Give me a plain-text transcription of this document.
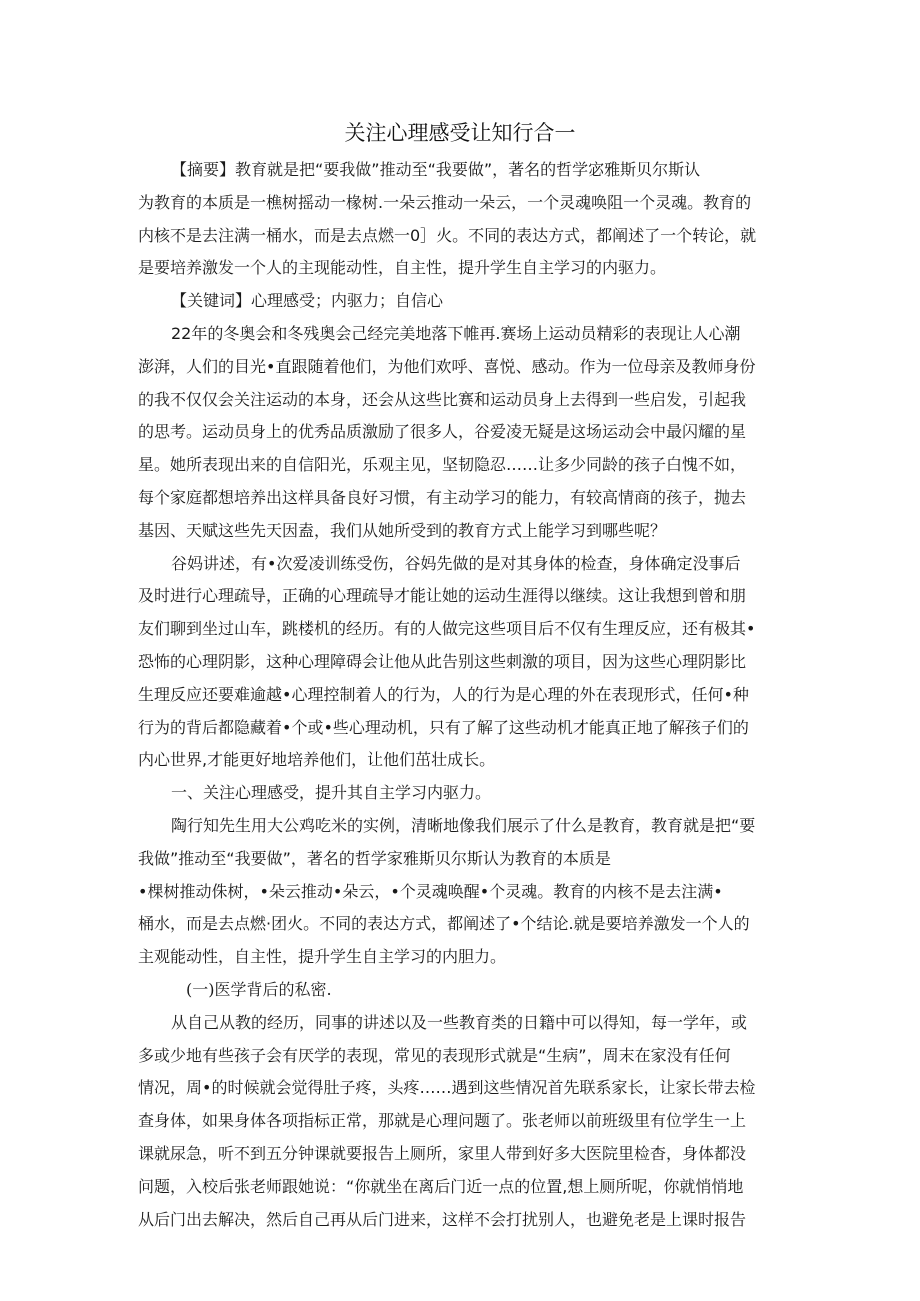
关注心理感受让知行合一

【摘要】教育就是把“要我做”推动至“我要做”，著名的哲学宓雅斯贝尔斯认

为教育的本质是一樵树摇动一椽树.一朵云推动一朵云，一个灵魂唤阻一个灵魂。教育的

内核不是去注满一桶水，而是去点燃一0］火。不同的表达方式，都阐述了一个转论，就

是要培养激发一个人的主现能动性，自主性，提升学生自主学习的内驱力。

【关键词】心理感受；内驱力；自信心

22年的冬奥会和冬残奥会己经完美地落下帷再.赛场上运动员精彩的表现让人心潮

澎湃，人们的目光•直跟随着他们，为他们欢呼、喜悦、感动。作为一位母亲及教师身份

的我不仅仅会关注运动的本身，还会从这些比赛和运动员身上去得到一些启发，引起我

的思考。运动员身上的优秀品质激励了很多人，谷爱凌无疑是这场运动会中最闪耀的星

星。她所表现出来的自信阳光，乐观主见，坚韧隐忍……让多少同龄的孩子白愧不如，

每个家庭都想培养出这样具备良好习惯，有主动学习的能力，有较高情商的孩子，抛去

基因、天赋这些先天因盍，我们从她所受到的教育方式上能学习到哪些呢？

谷妈讲述，有•次爱凌训练受伤，谷妈先做的是对其身体的检查，身体确定没事后

及时进行心理疏导，正确的心理疏导才能让她的运动生涯得以继续。这让我想到曾和朋

友们聊到坐过山车，跳楼机的经历。有的人做完这些项目后不仅有生理反应，还有极其•

恐怖的心理阴影，这种心理障碍会让他从此告别这些刺激的项目，因为这些心理阴影比

生理反应还要难逾越•心理控制着人的行为，人的行为是心理的外在表现形式，任何•种

行为的背后都隐藏着•个或•些心理动机，只有了解了这些动机才能真正地了解孩子们的

内心世界,才能更好地培养他们，让他们茁壮成长。

一、关注心理感受，提升其自主学习内驱力。

陶行知先生用大公鸡吃米的实例，清晰地像我们展示了什么是教育，教育就是把“要

我做”推动至“我要做”，著名的哲学家雅斯贝尔斯认为教育的本质是

•棵树推动侏树，•朵云推动•朵云，•个灵魂唤醒•个灵魂。教育的内核不是去注满•

桶水，而是去点燃·团火。不同的表达方式，都阐述了•个结论.就是要培养激发一个人的

主观能动性，自主性，提升学生自主学习的内胆力。

(一)医学背后的私密.

从自己从教的经历，同事的讲述以及一些教育类的日籍中可以得知，每一学年，或

多或少地有些孩子会有厌学的表现，常见的表现形式就是“生病”，周末在家没有任何

情况，周•的时候就会觉得肚子疼，头疼……遇到这些情况首先联系家长，让家长带去检

查身体，如果身体各项指标正常，那就是心理问题了。张老师以前班级里有位学生一上

课就尿急，听不到五分钟课就要报告上厕所，家里人带到好多大医院里检杳，身体都没

问题，入校后张老师跟她说：“你就坐在离后门近一点的位置,想上厕所呢，你就悄悄地

从后门出去解决，然后自己再从后门进来，这样不会打扰别人，也避免老是上课时报告
